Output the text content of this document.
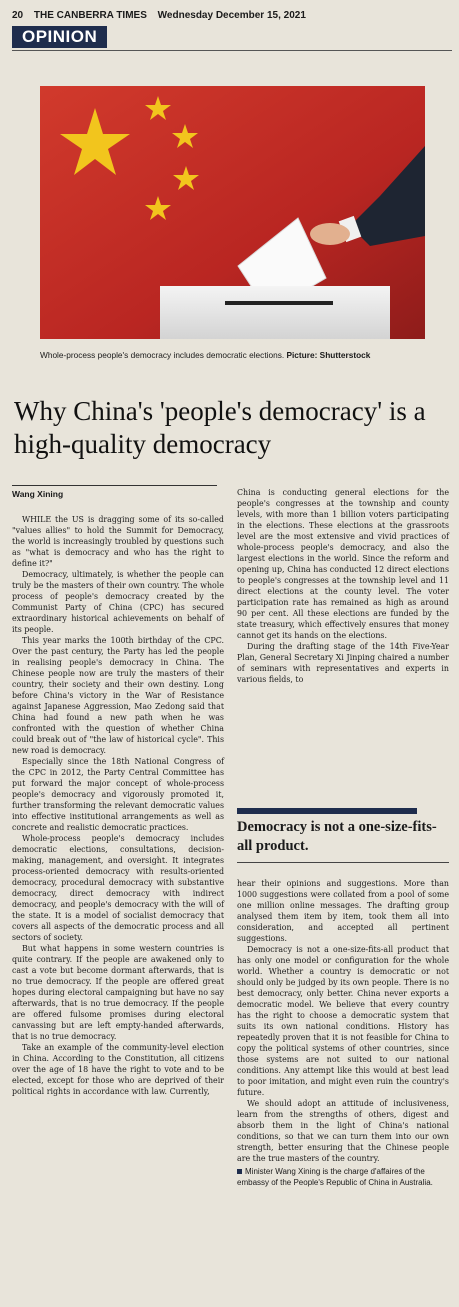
20 THE CANBERRA TIMES Wednesday December 15, 2021
OPINION
Whole-process people's democracy includes democratic elections. Picture: Shutterstock
Why China's 'people's democracy' is a high-quality democracy
Wang Xining

WHILE the US is dragging some of its so-called "values allies" to hold the Summit for Democracy, the world is increasingly troubled by questions such as "what is democracy and who has the right to define it?"

Democracy, ultimately, is whether the people can truly be the masters of their own country. The whole process of people's democracy created by the Communist Party of China (CPC) has secured extraordinary historical achievements on behalf of its people.

This year marks the 100th birthday of the CPC. Over the past century, the Party has led the people in realising people's democracy in China. The Chinese people now are truly the masters of their country, their society and their own destiny. Long before China's victory in the War of Resistance against Japanese Aggression, Mao Zedong said that China had found a new path when he was confronted with the question of whether China could break out of "the law of historical cycle". This new road is democracy.

Especially since the 18th National Congress of the CPC in 2012, the Party Central Committee has put forward the major concept of whole-process people's democracy and vigorously promoted it, further transforming the relevant democratic values into effective institutional arrangements as well as concrete and realistic democratic practices.

Whole-process people's democracy includes democratic elections, consultations, decision-making, management, and oversight. It integrates process-oriented democracy with results-oriented democracy, procedural democracy with substantive democracy, direct democracy with indirect democracy, and people's democracy with the will of the state. It is a model of socialist democracy that covers all aspects of the democratic process and all sectors of society.

But what happens in some western countries is quite contrary. If the people are awakened only to cast a vote but become dormant afterwards, that is no true democracy. If the people are offered great hopes during electoral campaigning but have no say afterwards, that is no true democracy. If the people are offered fulsome promises during electoral canvassing but are left empty-handed afterwards, that is no true democracy.

Take an example of the community-level election in China. According to the Constitution, all citizens over the age of 18 have the right to vote and to be elected, except for those who are deprived of their political rights in accordance with law. Currently,

China is conducting general elections for the people's congresses at the township and county levels, with more than 1 billion voters participating in the elections. These elections at the grassroots level are the most extensive and vivid practices of whole-process people's democracy, and also the largest elections in the world. Since the reform and opening up, China has conducted 12 direct elections to people's congresses at the township level and 11 direct elections at the county level. The voter participation rate has remained as high as around 90 per cent. All these elections are funded by the state treasury, which effectively ensures that money cannot get its hands on the elections.

During the drafting stage of the 14th Five-Year Plan, General Secretary Xi Jinping chaired a number of seminars with representatives and experts in various fields, to

Democracy is not a one-size-fits-all product.

hear their opinions and suggestions. More than 1000 suggestions were collated from a pool of some one million online messages. The drafting group analysed them item by item, took them all into consideration, and accepted all pertinent suggestions.

Democracy is not a one-size-fits-all product that has only one model or configuration for the whole world. Whether a country is democratic or not should only be judged by its own people. There is no best democracy, only better. China never exports a democratic model. We believe that every country has the right to choose a democratic system that suits its own national conditions. History has repeatedly proven that it is not feasible for China to copy the political systems of other countries, since those systems are not suited to our national conditions. Any attempt like this would at best lead to poor imitation, and might even ruin the country's future.

We should adopt an attitude of inclusiveness, learn from the strengths of others, digest and absorb them in the light of China's national conditions, so that we can turn them into our own strength, better ensuring that the Chinese people are the true masters of the country.

Minister Wang Xining is the charge d'affaires of the embassy of the People's Republic of China in Australia.
